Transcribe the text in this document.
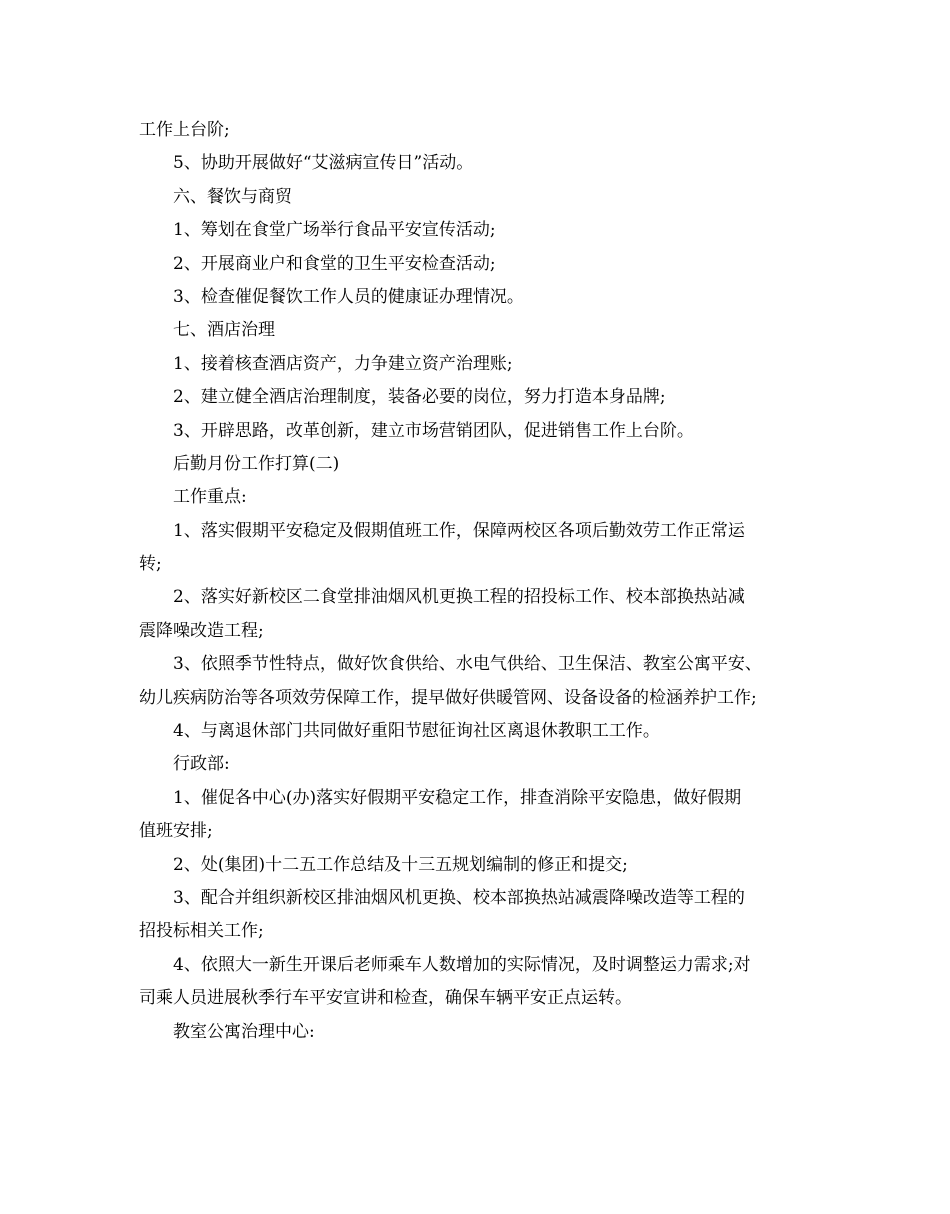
工作上台阶;
5、协助开展做好“艾滋病宣传日”活动。
六、餐饮与商贸
1、筹划在食堂广场举行食品平安宣传活动;
2、开展商业户和食堂的卫生平安检查活动;
3、检查催促餐饮工作人员的健康证办理情况。
七、酒店治理
1、接着核查酒店资产，力争建立资产治理账;
2、建立健全酒店治理制度，装备必要的岗位，努力打造本身品牌;
3、开辟思路，改革创新，建立市场营销团队，促进销售工作上台阶。
后勤月份工作打算(二)
工作重点:
1、落实假期平安稳定及假期值班工作，保障两校区各项后勤效劳工作正常运
转;
2、落实好新校区二食堂排油烟风机更换工程的招投标工作、校本部换热站减
震降噪改造工程;
3、依照季节性特点，做好饮食供给、水电气供给、卫生保洁、教室公寓平安、
幼儿疾病防治等各项效劳保障工作，提早做好供暖管网、设备设备的检涵养护工作;
4、与离退休部门共同做好重阳节慰征询社区离退休教职工工作。
行政部:
1、催促各中心(办)落实好假期平安稳定工作，排查消除平安隐患，做好假期
值班安排;
2、处(集团)十二五工作总结及十三五规划编制的修正和提交;
3、配合并组织新校区排油烟风机更换、校本部换热站减震降噪改造等工程的
招投标相关工作;
4、依照大一新生开课后老师乘车人数增加的实际情况，及时调整运力需求;对
司乘人员进展秋季行车平安宣讲和检查，确保车辆平安正点运转。
教室公寓治理中心:
